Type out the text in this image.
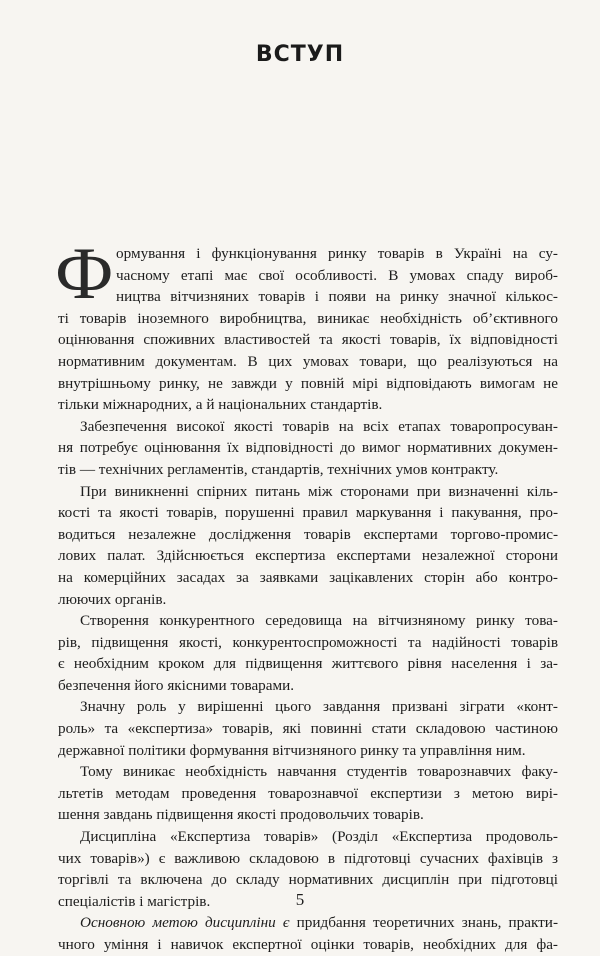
ВСТУП
Ф ормування і функціонування ринку товарів в Україні на су-
часному етапі має свої особливості. В умовах спаду вироб-
ництва вітчизняних товарів і появи на ринку значної кількос-
ті товарів іноземного виробництва, виникає необхідність об’єктивного
оцінювання споживних властивостей та якості товарів, їх відповідності
нормативним документам. В цих умовах товари, що реалізуються на
внутрішньому ринку, не завжди у повній мірі відповідають вимогам не
тільки міжнародних, а й національних стандартів.

Забезпечення високої якості товарів на всіх етапах товаропросуван-
ня потребує оцінювання їх відповідності до вимог нормативних докумен-
тів — технічних регламентів, стандартів, технічних умов контракту.

При виникненні спірних питань між сторонами при визначенні кіль-
кості та якості товарів, порушенні правил маркування і пакування, про-
водиться незалежне дослідження товарів експертами торгово-промис-
лових палат. Здійснюється експертиза експертами незалежної сторони
на комерційних засадах за заявками зацікавлених сторін або контро-
люючих органів.

Створення конкурентного середовища на вітчизняному ринку това-
рів, підвищення якості, конкурентоспроможності та надійності товарів
є необхідним кроком для підвищення життєвого рівня населення і за-
безпечення його якісними товарами.

Значну роль у вирішенні цього завдання призвані зіграти «конт-
роль» та «експертиза» товарів, які повинні стати складовою частиною
державної політики формування вітчизняного ринку та управління ним.

Тому виникає необхідність навчання студентів товарознавчих факу-
льтетів методам проведення товарознавчої експертизи з метою вирі-
шення завдань підвищення якості продовольчих товарів.

Дисципліна «Експертиза товарів» (Розділ «Експертиза продоволь-
чих товарів») є важливою складовою в підготовці сучасних фахівців з
торгівлі та включена до складу нормативних дисциплін при підготовці
спеціалістів і магістрів.

Основною метою дисципліни є придбання теоретичних знань, практи-
чного уміння і навичок експертної оцінки товарів, необхідних для фа-

5
